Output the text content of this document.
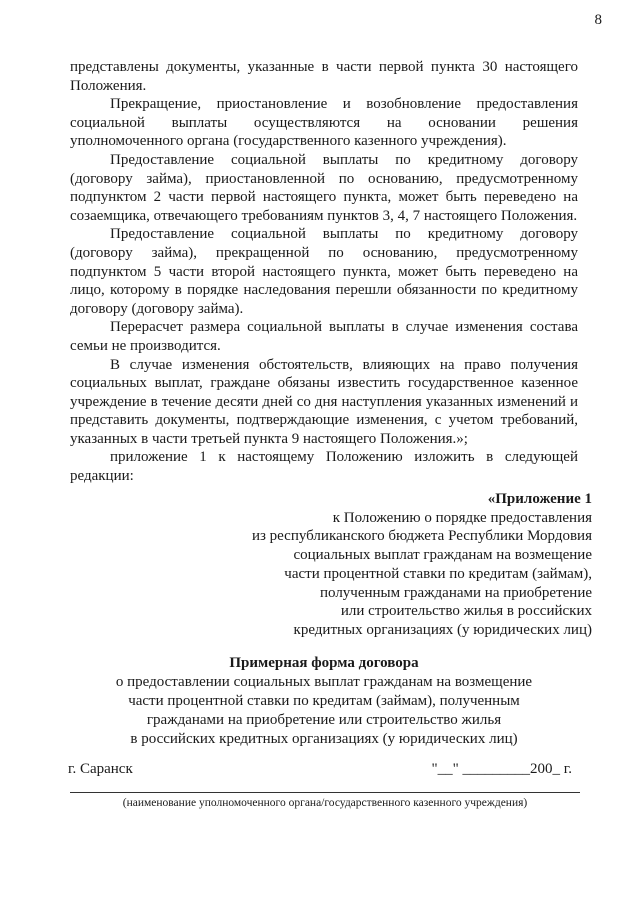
8

представлены документы, указанные в части первой пункта 30 настоящего Положения.

Прекращение, приостановление и возобновление предоставления социальной выплаты осуществляются на основании решения уполномоченного органа (государственного казенного учреждения).

Предоставление социальной выплаты по кредитному договору (договору займа), приостановленной по основанию, предусмотренному подпунктом 2 части первой настоящего пункта, может быть переведено на созаемщика, отвечающего требованиям пунктов 3, 4, 7 настоящего Положения.

Предоставление социальной выплаты по кредитному договору (договору займа), прекращенной по основанию, предусмотренному подпунктом 5 части второй настоящего пункта, может быть переведено на лицо, которому в порядке наследования перешли обязанности по кредитному договору (договору займа).

Перерасчет размера социальной выплаты в случае изменения состава семьи не производится.

В случае изменения обстоятельств, влияющих на право получения социальных выплат, граждане обязаны известить государственное казенное учреждение в течение десяти дней со дня наступления указанных изменений и представить документы, подтверждающие изменения, с учетом требований, указанных в части третьей пункта 9 настоящего Положения.»;

приложение 1 к настоящему Положению изложить в следующей редакции:

«Приложение 1
к Положению о порядке предоставления
из республиканского бюджета Республики Мордовия
социальных выплат гражданам на возмещение
части процентной ставки по кредитам (займам),
полученным гражданами на приобретение
или строительство жилья в российских
кредитных организациях (у юридических лиц)
Примерная форма договора
о предоставлении социальных выплат гражданам на возмещение
части процентной ставки по кредитам (займам), полученным
гражданами на приобретение или строительство жилья
в российских кредитных организациях (у юридических лиц)
г. Саранск	"__" _________200_ г.
(наименование уполномоченного органа/государственного казенного учреждения)
